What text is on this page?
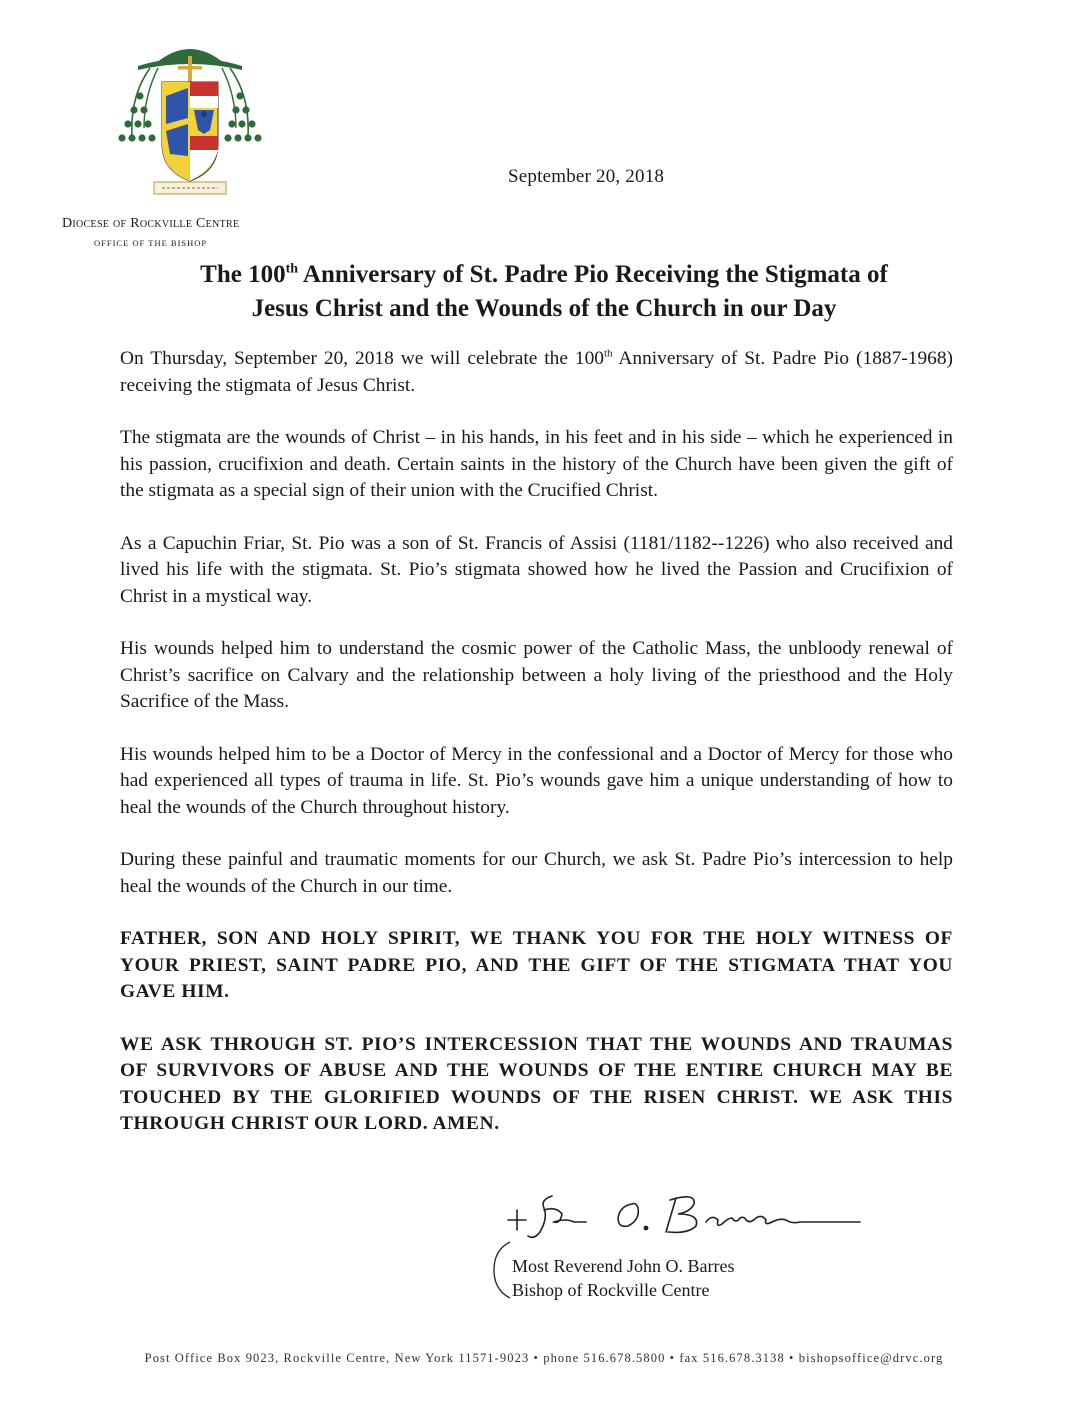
September 20, 2018
Diocese of Rockville Centre
OFFICE OF THE BISHOP
The 100th Anniversary of St. Padre Pio Receiving the Stigmata of
Jesus Christ and the Wounds of the Church in our Day

On Thursday, September 20, 2018 we will celebrate the 100th Anniversary of St. Padre Pio (1887-1968) receiving the stigmata of Jesus Christ.

The stigmata are the wounds of Christ – in his hands, in his feet and in his side – which he experienced in his passion, crucifixion and death. Certain saints in the history of the Church have been given the gift of the stigmata as a special sign of their union with the Crucified Christ.

As a Capuchin Friar, St. Pio was a son of St. Francis of Assisi (1181/1182--1226) who also received and lived his life with the stigmata. St. Pio’s stigmata showed how he lived the Passion and Crucifixion of Christ in a mystical way.

His wounds helped him to understand the cosmic power of the Catholic Mass, the unbloody renewal of Christ’s sacrifice on Calvary and the relationship between a holy living of the priesthood and the Holy Sacrifice of the Mass.

His wounds helped him to be a Doctor of Mercy in the confessional and a Doctor of Mercy for those who had experienced all types of trauma in life. St. Pio’s wounds gave him a unique understanding of how to heal the wounds of the Church throughout history.

During these painful and traumatic moments for our Church, we ask St. Padre Pio’s intercession to help heal the wounds of the Church in our time.

FATHER, SON AND HOLY SPIRIT, WE THANK YOU FOR THE HOLY WITNESS OF YOUR PRIEST, SAINT PADRE PIO, AND THE GIFT OF THE STIGMATA THAT YOU GAVE HIM.

WE ASK THROUGH ST. PIO’S INTERCESSION THAT THE WOUNDS AND TRAUMAS OF SURVIVORS OF ABUSE AND THE WOUNDS OF THE ENTIRE CHURCH MAY BE TOUCHED BY THE GLORIFIED WOUNDS OF THE RISEN CHRIST. WE ASK THIS THROUGH CHRIST OUR LORD. AMEN.

Most Reverend John O. Barres
Bishop of Rockville Centre
Post Office Box 9023, Rockville Centre, New York 11571-9023 • phone 516.678.5800 • fax 516.678.3138 • bishopsoffice@drvc.org
